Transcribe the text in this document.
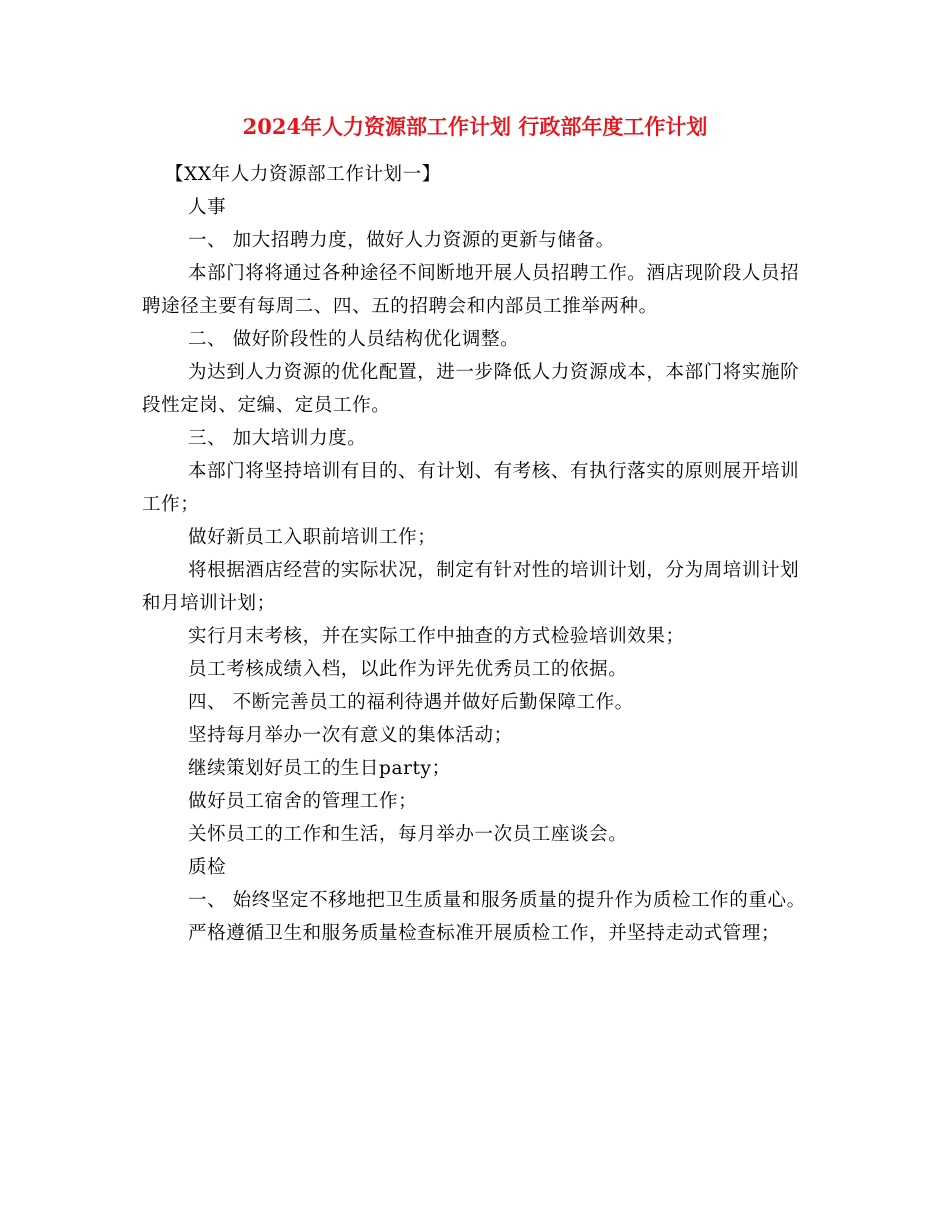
2024年人力资源部工作计划 行政部年度工作计划

【XX年人力资源部工作计划一】

人事

一、 加大招聘力度，做好人力资源的更新与储备。

本部门将将通过各种途径不间断地开展人员招聘工作。酒店现阶段人员招聘途径主要有每周二、四、五的招聘会和内部员工推举两种。

二、 做好阶段性的人员结构优化调整。

为达到人力资源的优化配置，进一步降低人力资源成本，本部门将实施阶段性定岗、定编、定员工作。

三、 加大培训力度。

本部门将坚持培训有目的、有计划、有考核、有执行落实的原则展开培训工作；

做好新员工入职前培训工作；

将根据酒店经营的实际状况，制定有针对性的培训计划，分为周培训计划和月培训计划；

实行月末考核，并在实际工作中抽查的方式检验培训效果；

员工考核成绩入档，以此作为评先优秀员工的依据。

四、 不断完善员工的福利待遇并做好后勤保障工作。

坚持每月举办一次有意义的集体活动；

继续策划好员工的生日party；

做好员工宿舍的管理工作；

关怀员工的工作和生活，每月举办一次员工座谈会。

质检

一、 始终坚定不移地把卫生质量和服务质量的提升作为质检工作的重心。

严格遵循卫生和服务质量检查标准开展质检工作，并坚持走动式管理；
